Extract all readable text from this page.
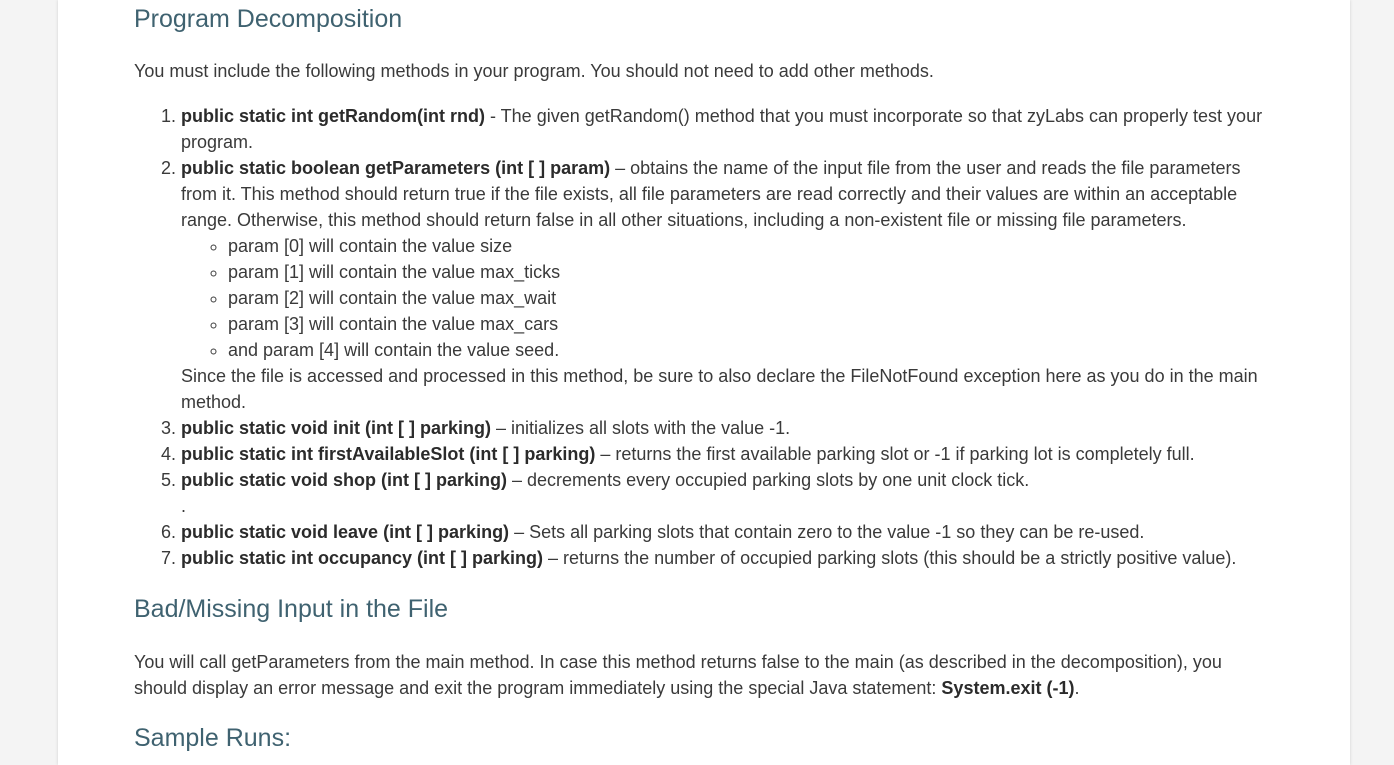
Program Decomposition

You must include the following methods in your program. You should not need to add other methods.

1. public static int getRandom(int rnd) - The given getRandom() method that you must incorporate so that zyLabs can properly test your program.
2. public static boolean getParameters (int [ ] param) – obtains the name of the input file from the user and reads the file parameters from it. This method should return true if the file exists, all file parameters are read correctly and their values are within an acceptable range. Otherwise, this method should return false in all other situations, including a non-existent file or missing file parameters.
◦ param [0] will contain the value size
◦ param [1] will contain the value max_ticks
◦ param [2] will contain the value max_wait
◦ param [3] will contain the value max_cars
◦ and param [4] will contain the value seed.
Since the file is accessed and processed in this method, be sure to also declare the FileNotFound exception here as you do in the main method.
3. public static void init (int [ ] parking) – initializes all slots with the value -1.
4. public static int firstAvailableSlot (int [ ] parking) – returns the first available parking slot or -1 if parking lot is completely full.
5. public static void shop (int [ ] parking) – decrements every occupied parking slots by one unit clock tick.
.
6. public static void leave (int [ ] parking) – Sets all parking slots that contain zero to the value -1 so they can be re-used.
7. public static int occupancy (int [ ] parking) – returns the number of occupied parking slots (this should be a strictly positive value).
Bad/Missing Input in the File

You will call getParameters from the main method. In case this method returns false to the main (as described in the decomposition), you should display an error message and exit the program immediately using the special Java statement: System.exit (-1).

Sample Runs:
